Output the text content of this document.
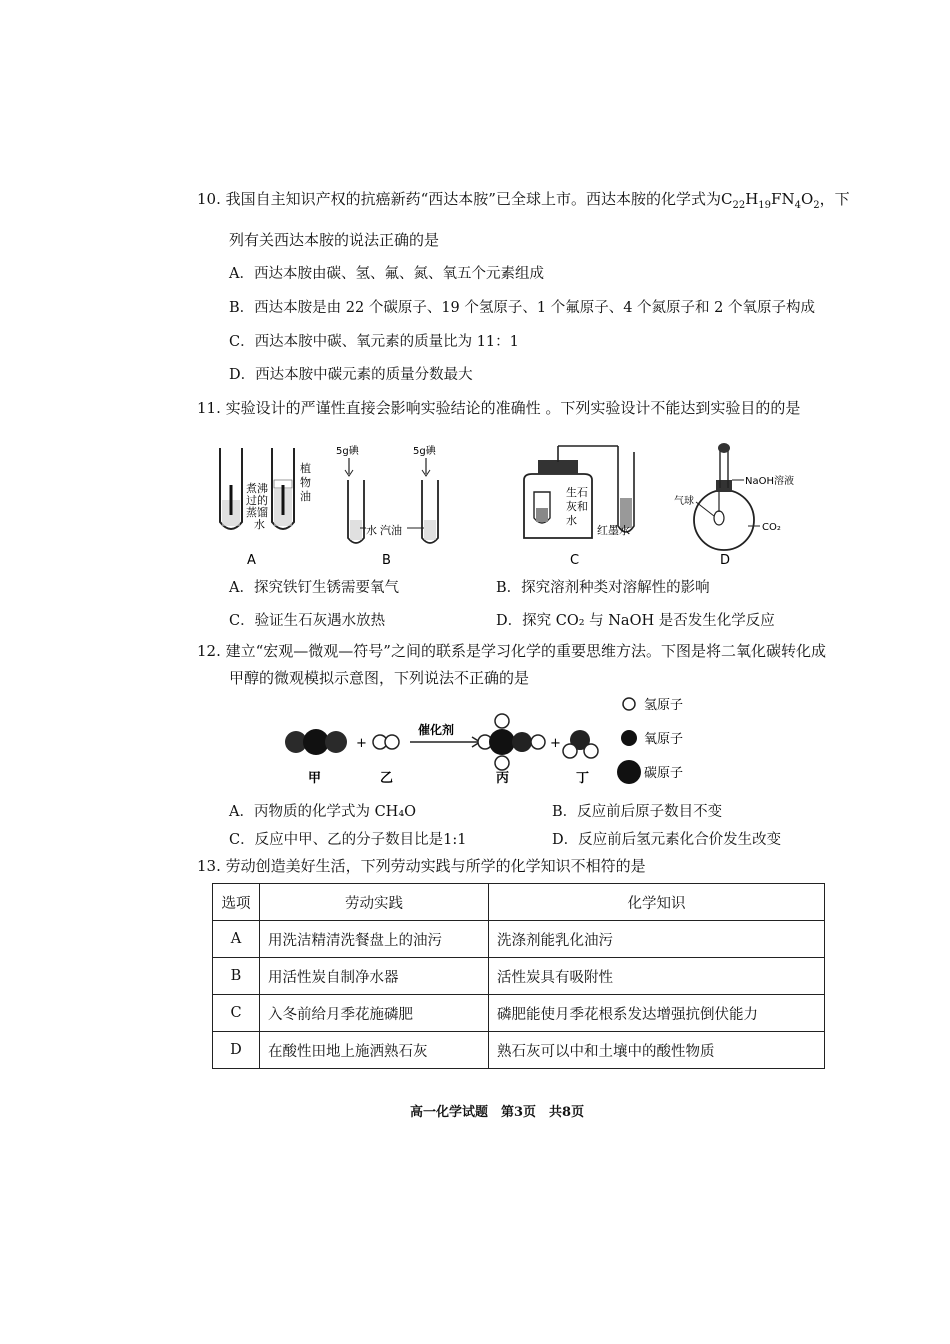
10. 我国自主知识产权的抗癌新药“西达本胺”已全球上市。西达本胺的化学式为$C_{22}H_{19}FN_4O_2$，下
列有关西达本胺的说法正确的是
A．西达本胺由碳、氢、氟、氮、氧五个元素组成
B．西达本胺是由 22 个碳原子、19 个氢原子、1 个氟原子、4 个氮原子和 2 个氧原子构成
C．西达本胺中碳、氧元素的质量比为 11：1
D．西达本胺中碳元素的质量分数最大
11. 实验设计的严谨性直接会影响实验结论的准确性 。下列实验设计不能达到实验目的的是
煮沸
过的
蒸馏
水
植
物
油
A
5g碘	5g碘
水 汽油
B
生石
灰和
水
红墨水
C
NaOH溶液
气球
CO₂
D
A．探究铁钉生锈需要氧气	B．探究溶剂种类对溶解性的影响
C．验证生石灰遇水放热	D．探究 CO₂ 与 NaOH 是否发生化学反应
12. 建立“宏观—微观—符号”之间的联系是学习化学的重要思维方法。下图是将二氧化碳转化成
甲醇的微观模拟示意图，下列说法不正确的是
+
催化剂
+
甲	乙	丙	丁
氢原子
氧原子
碳原子
A．丙物质的化学式为 CH₄O	B．反应前后原子数目不变
C．反应中甲、乙的分子数目比是1:1	D．反应前后氢元素化合价发生改变
13. 劳动创造美好生活，下列劳动实践与所学的化学知识不相符的是
选项	劳动实践	化学知识
A	用洗洁精清洗餐盘上的油污	洗涤剂能乳化油污
B	用活性炭自制净水器	活性炭具有吸附性
C	入冬前给月季花施磷肥	磷肥能使月季花根系发达增强抗倒伏能力
D	在酸性田地上施洒熟石灰	熟石灰可以中和土壤中的酸性物质
高一化学试题　第3页　共8页
